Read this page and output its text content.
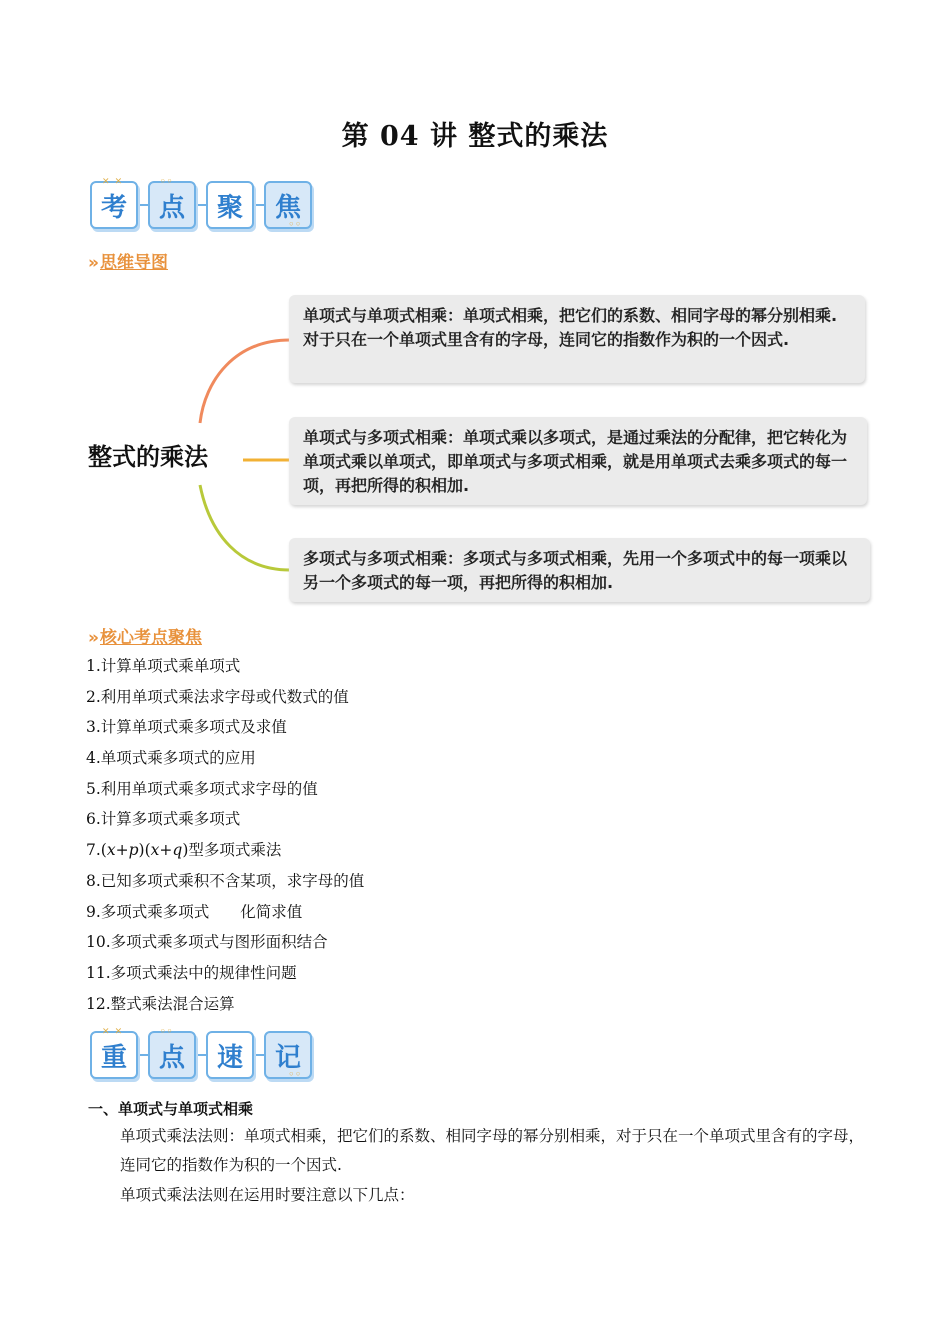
第 04 讲 整式的乘法
✕ ✕
考
◦◦
点 聚
◦◦
焦
»思维导图
整式的乘法
单项式与单项式相乘：单项式相乘，把它们的系数、相同字母的幂分别相乘.对于只在一个单项式里含有的字母，连同它的指数作为积的一个因式.
单项式与多项式相乘：单项式乘以多项式，是通过乘法的分配律，把它转化为单项式乘以单项式，即单项式与多项式相乘，就是用单项式去乘多项式的每一项，再把所得的积相加.
多项式与多项式相乘：多项式与多项式相乘，先用一个多项式中的每一项乘以另一个多项式的每一项，再把所得的积相加.
»核心考点聚焦
1.计算单项式乘单项式
2.利用单项式乘法求字母或代数式的值
3.计算单项式乘多项式及求值
4.单项式乘多项式的应用
5.利用单项式乘多项式求字母的值
6.计算多项式乘多项式
7.(x+p)(x+q)型多项式乘法
8.已知多项式乘积不含某项，求字母的值
9.多项式乘多项式　　化简求值
10.多项式乘多项式与图形面积结合
11.多项式乘法中的规律性问题
12.整式乘法混合运算
✕ ✕
重
◦◦
点 速
◦◦
记
一、单项式与单项式相乘
单项式乘法法则：单项式相乘，把它们的系数、相同字母的幂分别相乘，对于只在一个单项式里含有的字母，连同它的指数作为积的一个因式.
单项式乘法法则在运用时要注意以下几点：
